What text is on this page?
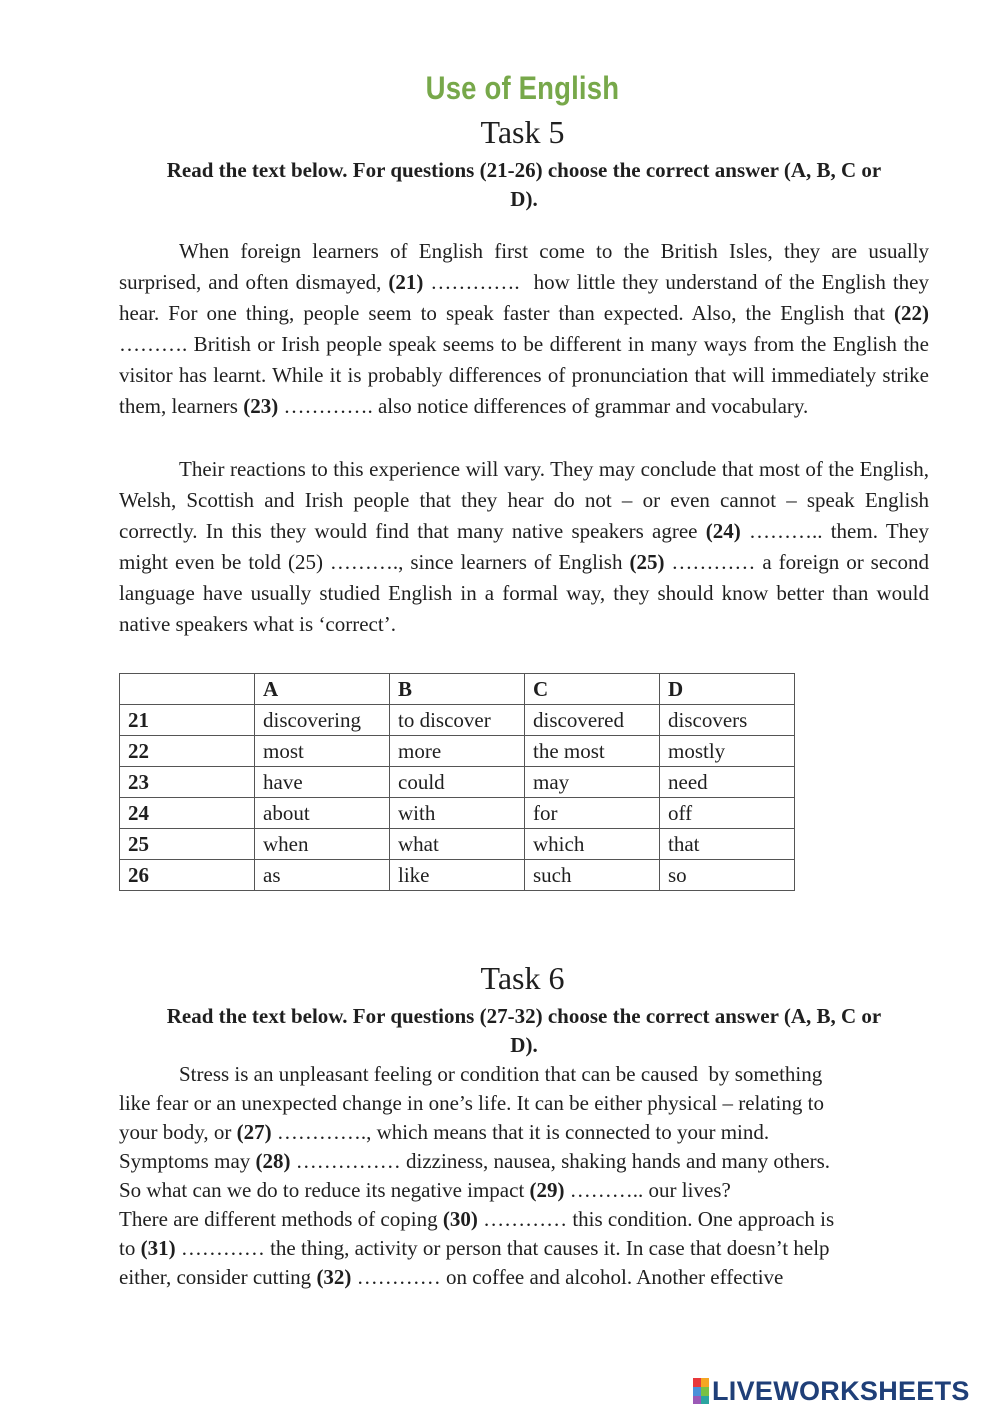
Use of English
Task 5
Read the text below. For questions (21-26) choose the correct answer (A, B, C or
D).

When foreign learners of English first come to the British Isles, they are usually surprised, and often dismayed, (21) ………….  how little they understand of the English they hear. For one thing, people seem to speak faster than expected. Also, the English that (22) ………. British or Irish people speak seems to be different in many ways from the English the visitor has learnt. While it is probably differences of pronunciation that will immediately strike them, learners (23) …………. also notice differences of grammar and vocabulary.

Their reactions to this experience will vary. They may conclude that most of the English, Welsh, Scottish and Irish people that they hear do not – or even cannot – speak English correctly. In this they would find that many native speakers agree (24) ……….. them. They might even be told (25) ………., since learners of English (25) ………… a foreign or second language have usually studied English in a formal way, they should know better than would native speakers what is ‘correct’.

	A	B	C	D
21	discovering	to discover	discovered	discovers
22	most	more	the most	mostly
23	have	could	may	need
24	about	with	for	off
25	when	what	which	that
26	as	like	such	so
Task 6
Read the text below. For questions (27-32) choose the correct answer (A, B, C or
D).
Stress is an unpleasant feeling or condition that can be caused  by something
like fear or an unexpected change in one’s life. It can be either physical – relating to
your body, or (27) …………., which means that it is connected to your mind.
Symptoms may (28) …………… dizziness, nausea, shaking hands and many others.
So what can we do to reduce its negative impact (29) ……….. our lives?
There are different methods of coping (30) ………… this condition. One approach is
to (31) ………… the thing, activity or person that causes it. In case that doesn’t help
either, consider cutting (32) ………… on coffee and alcohol. Another effective
LIVEWORKSHEETS
